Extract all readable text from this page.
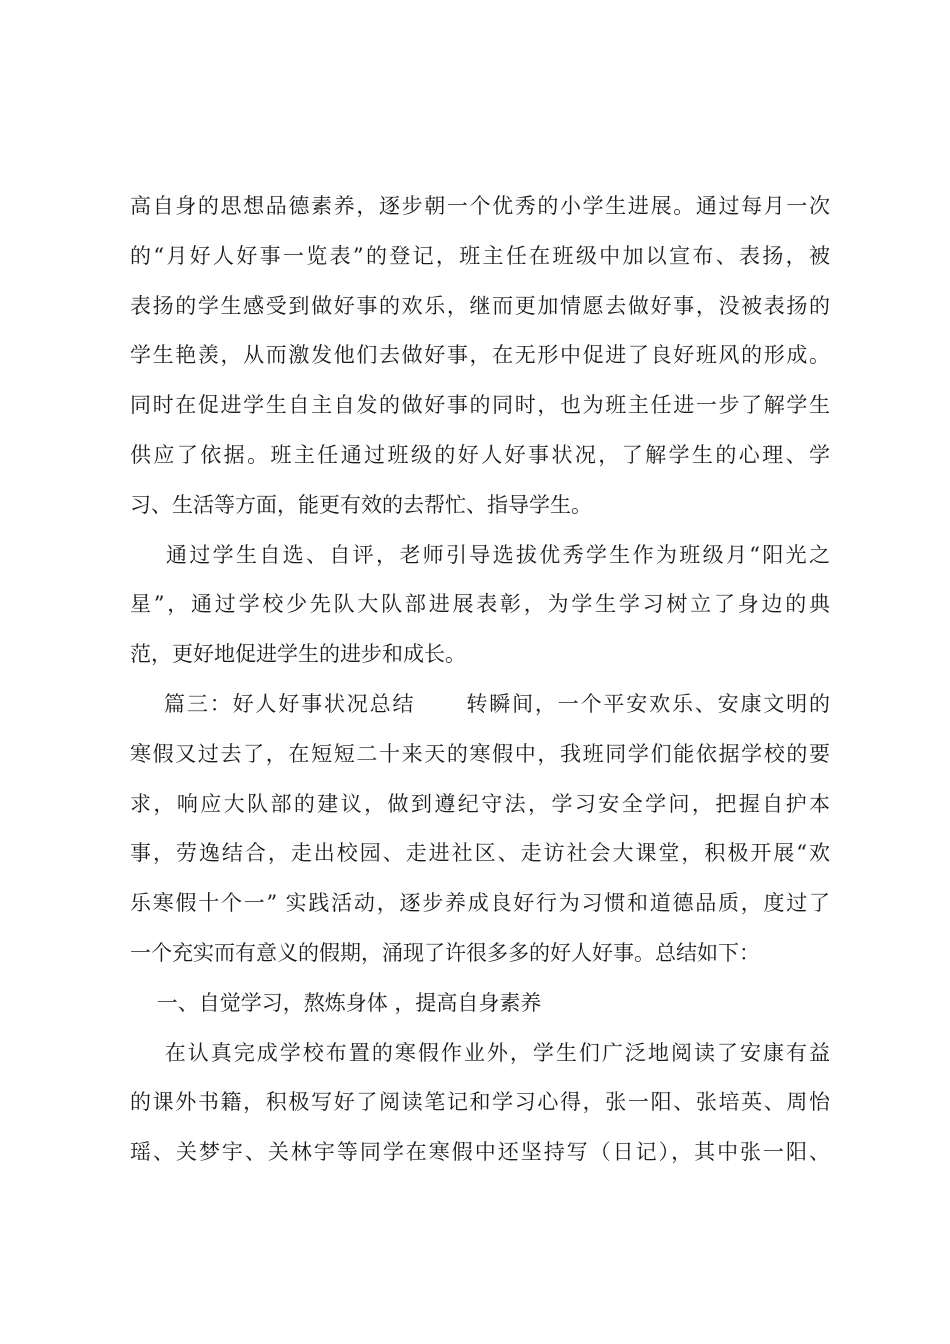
高自身的思想品德素养，逐步朝一个优秀的小学生进展。通过每月一次
的“月好人好事一览表”的登记，班主任在班级中加以宣布、表扬，被
表扬的学生感受到做好事的欢乐，继而更加情愿去做好事，没被表扬的
学生艳羡，从而激发他们去做好事，在无形中促进了良好班风的形成。
同时在促进学生自主自发的做好事的同时，也为班主任进一步了解学生
供应了依据。班主任通过班级的好人好事状况，了解学生的心理、学
习、生活等方面，能更有效的去帮忙、指导学生。
通过学生自选、自评，老师引导选拔优秀学生作为班级月“阳光之
星”，通过学校少先队大队部进展表彰，为学生学习树立了身边的典
范，更好地促进学生的进步和成长。
篇三：好人好事状况总结      转瞬间，一个平安欢乐、安康文明的
寒假又过去了，在短短二十来天的寒假中，我班同学们能依据学校的要
求，响应大队部的建议，做到遵纪守法，学习安全学问，把握自护本
事，劳逸结合，走出校园、走进社区、走访社会大课堂，积极开展“欢
乐寒假十个一” 实践活动，逐步养成良好行为习惯和道德品质，度过了
一个充实而有意义的假期，涌现了许很多多的好人好事。总结如下：
一、自觉学习，熬炼身体 ，提高自身素养
在认真完成学校布置的寒假作业外，学生们广泛地阅读了安康有益
的课外书籍，积极写好了阅读笔记和学习心得，张一阳、张培英、周怡
瑶、关梦宇、关林宇等同学在寒假中还坚持写（日记），其中张一阳、
